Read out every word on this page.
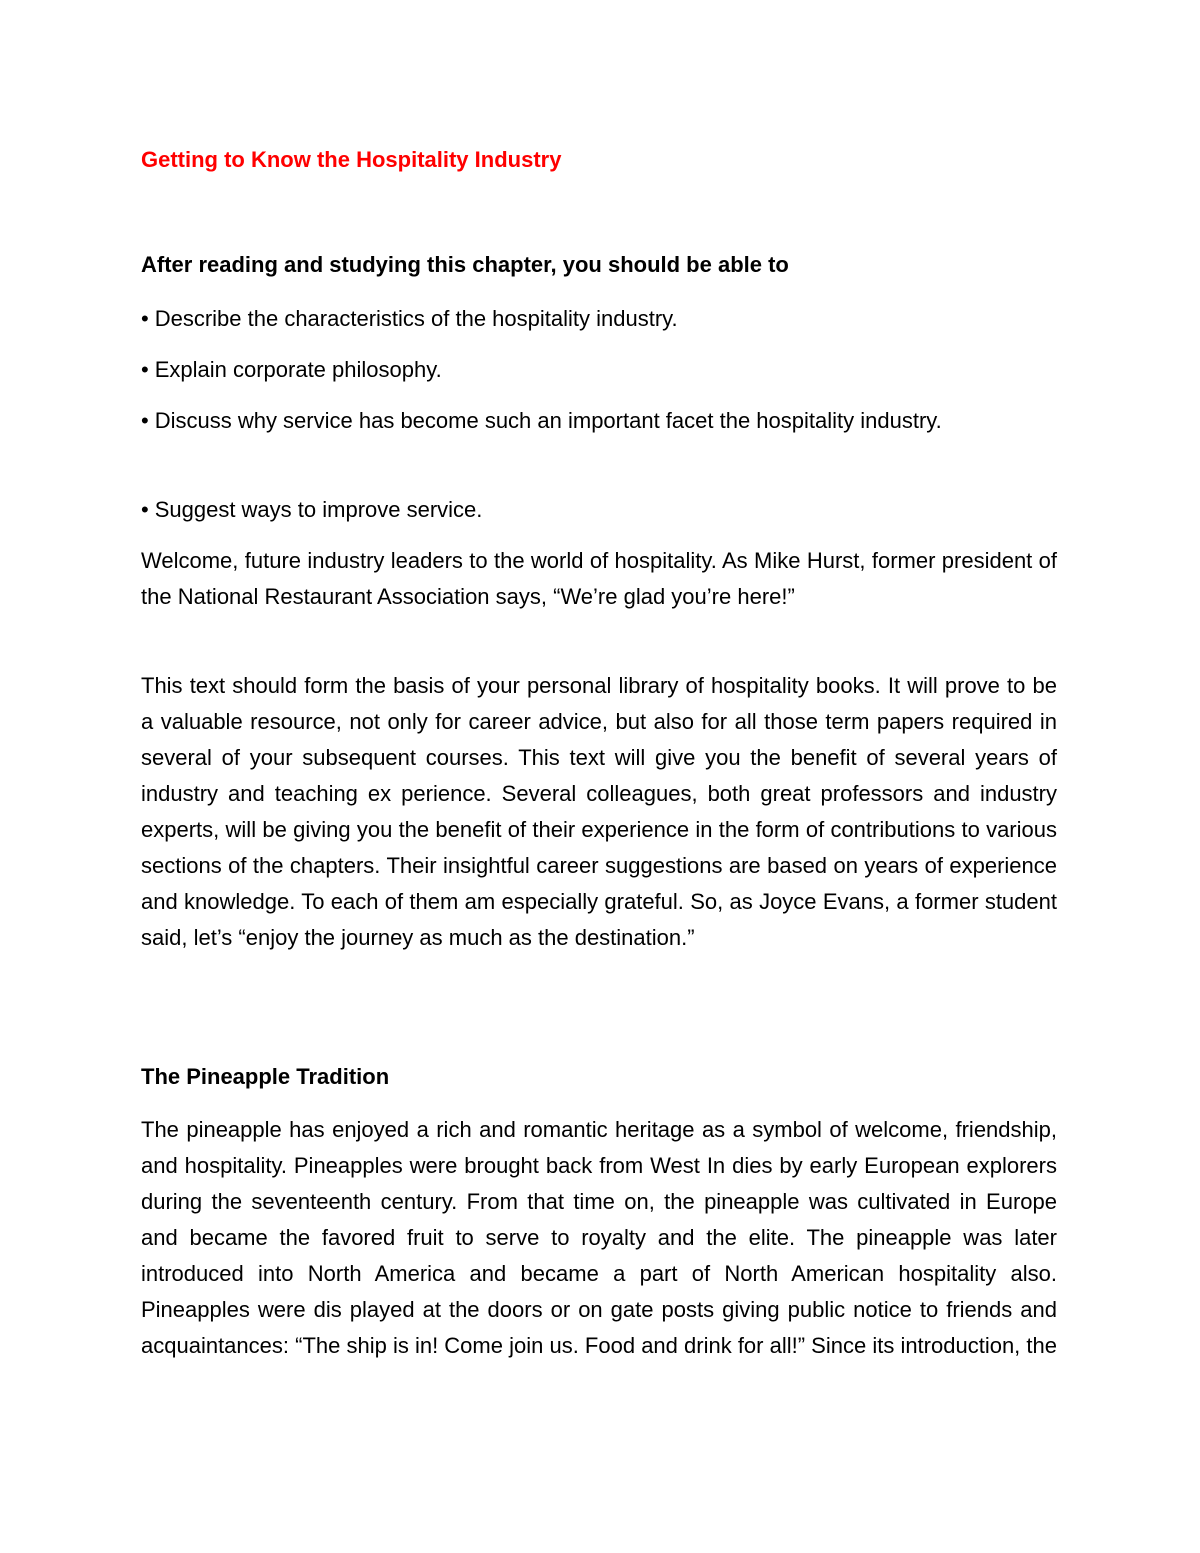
Getting to Know the Hospitality Industry

After reading and studying this chapter, you should be able to

• Describe the characteristics of the hospitality industry.
• Explain corporate philosophy.
• Discuss why service has become such an important facet the hospitality industry.
• Suggest ways to improve service.

Welcome, future industry leaders to the world of hospitality. As Mike Hurst, former president of the National Restaurant Association says, “We’re glad you’re here!”

This text should form the basis of your personal library of hospitality books. It will prove to be a valuable resource, not only for career advice, but also for all those term papers required in several of your subsequent courses. This text will give you the benefit of several years of industry and teaching ex perience. Several colleagues, both great professors and industry experts, will be giving you the benefit of their experience in the form of contributions to various sections of the chapters. Their insightful career suggestions are based on years of experience and knowledge. To each of them am especially grateful. So, as Joyce Evans, a former student said, let’s “enjoy the journey as much as the destination.”

The Pineapple Tradition

The pineapple has enjoyed a rich and romantic heritage as a symbol of welcome, friendship, and hospitality. Pineapples were brought back from West In dies by early European explorers during the seventeenth century. From that time on, the pineapple was cultivated in Europe and became the favored fruit to serve to royalty and the elite. The pineapple was later introduced into North America and became a part of North American hospitality also. Pineapples were dis played at the doors or on gate posts giving public notice to friends and acquaintances: “The ship is in! Come join us. Food and drink for all!” Since its introduction, the
